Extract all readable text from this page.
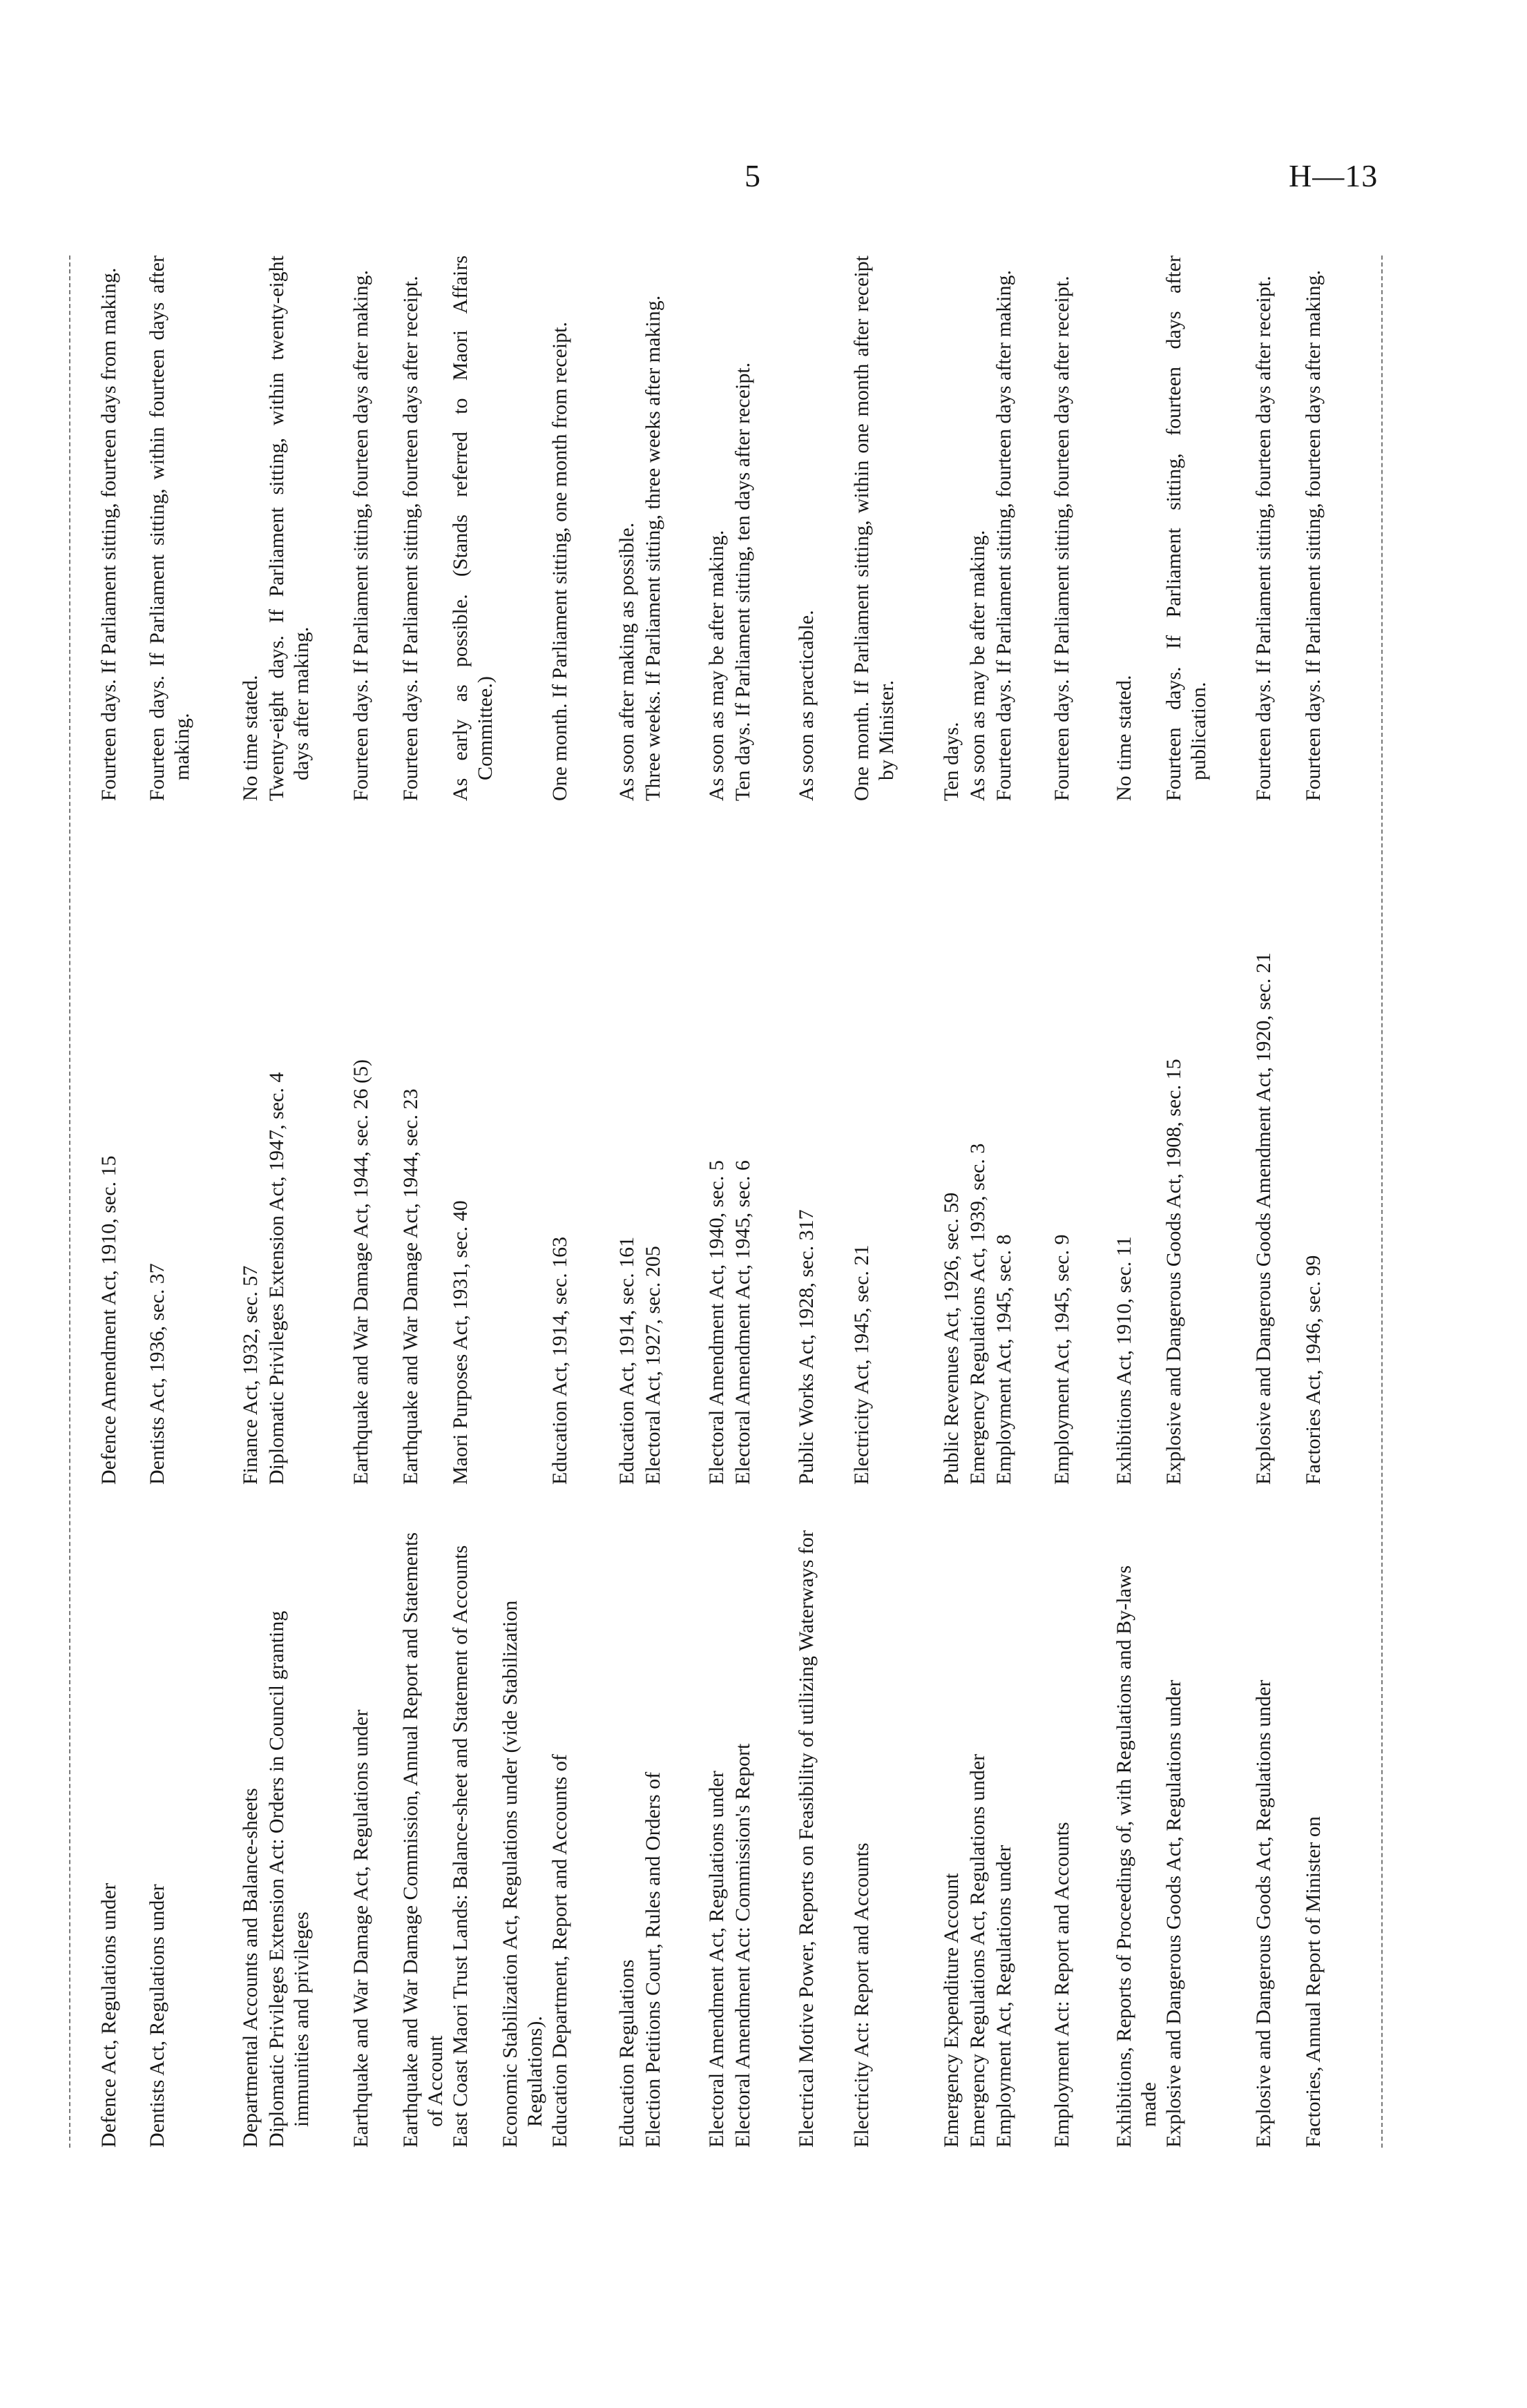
5	H—13
Defence Act, Regulations under
Defence Amendment Act, 1910, sec. 15
Fourteen days. If Parliament sitting, fourteen days from making.
Dentists Act, Regulations under
Dentists Act, 1936, sec. 37
Fourteen days. If Parliament sitting, within fourteen days after making.
Departmental Accounts and Balance-sheets
Finance Act, 1932, sec. 57
No time stated.
Diplomatic Privileges Extension Act: Orders in Council granting immunities and privileges
Diplomatic Privileges Extension Act, 1947, sec. 4
Twenty-eight days. If Parliament sitting, within twenty-eight days after making.
Earthquake and War Damage Act, Regulations under
Earthquake and War Damage Act, 1944, sec. 26 (5)
Fourteen days. If Parliament sitting, fourteen days after making.
Earthquake and War Damage Commission, Annual Report and Statements of Account
Earthquake and War Damage Act, 1944, sec. 23
Fourteen days. If Parliament sitting, fourteen days after receipt.
East Coast Maori Trust Lands: Balance-sheet and Statement of Accounts
Maori Purposes Act, 1931, sec. 40
As early as possible. (Stands referred to Maori Affairs Committee.)
Economic Stabilization Act, Regulations under (vide Stabilization Regulations). Education Department, Report and Accounts of
Education Act, 1914, sec. 163
One month. If Parliament sitting, one month from receipt.
Education Regulations
Education Act, 1914, sec. 161
As soon after making as possible.
Election Petitions Court, Rules and Orders of
Electoral Act, 1927, sec. 205
Three weeks. If Parliament sitting, three weeks after making.
Electoral Amendment Act, Regulations under
Electoral Amendment Act, 1940, sec. 5
As soon as may be after making.
Electoral Amendment Act: Commission's Report
Electoral Amendment Act, 1945, sec. 6
Ten days. If Parliament sitting, ten days after receipt.
Electrical Motive Power, Reports on Feasibility of utilizing Waterways for
Public Works Act, 1928, sec. 317
As soon as practicable.
Electricity Act: Report and Accounts
Electricity Act, 1945, sec. 21
One month. If Parliament sitting, within one month after receipt by Minister.
Emergency Expenditure Account
Public Revenues Act, 1926, sec. 59
Ten days.
Emergency Regulations Act, Regulations under
Emergency Regulations Act, 1939, sec. 3
As soon as may be after making.
Employment Act, Regulations under
Employment Act, 1945, sec. 8
Fourteen days. If Parliament sitting, fourteen days after making.
Employment Act: Report and Accounts
Employment Act, 1945, sec. 9
Fourteen days. If Parliament sitting, fourteen days after receipt.
Exhibitions, Reports of Proceedings of, with Regulations and By-laws made
Exhibitions Act, 1910, sec. 11
No time stated.
Explosive and Dangerous Goods Act, Regulations under
Explosive and Dangerous Goods Act, 1908, sec. 15
Fourteen days. If Parliament sitting, fourteen days after publication.
Explosive and Dangerous Goods Act, Regulations under
Explosive and Dangerous Goods Amendment Act, 1920, sec. 21
Fourteen days. If Parliament sitting, fourteen days after receipt.
Factories, Annual Report of Minister on
Factories Act, 1946, sec. 99
Fourteen days. If Parliament sitting, fourteen days after making.
